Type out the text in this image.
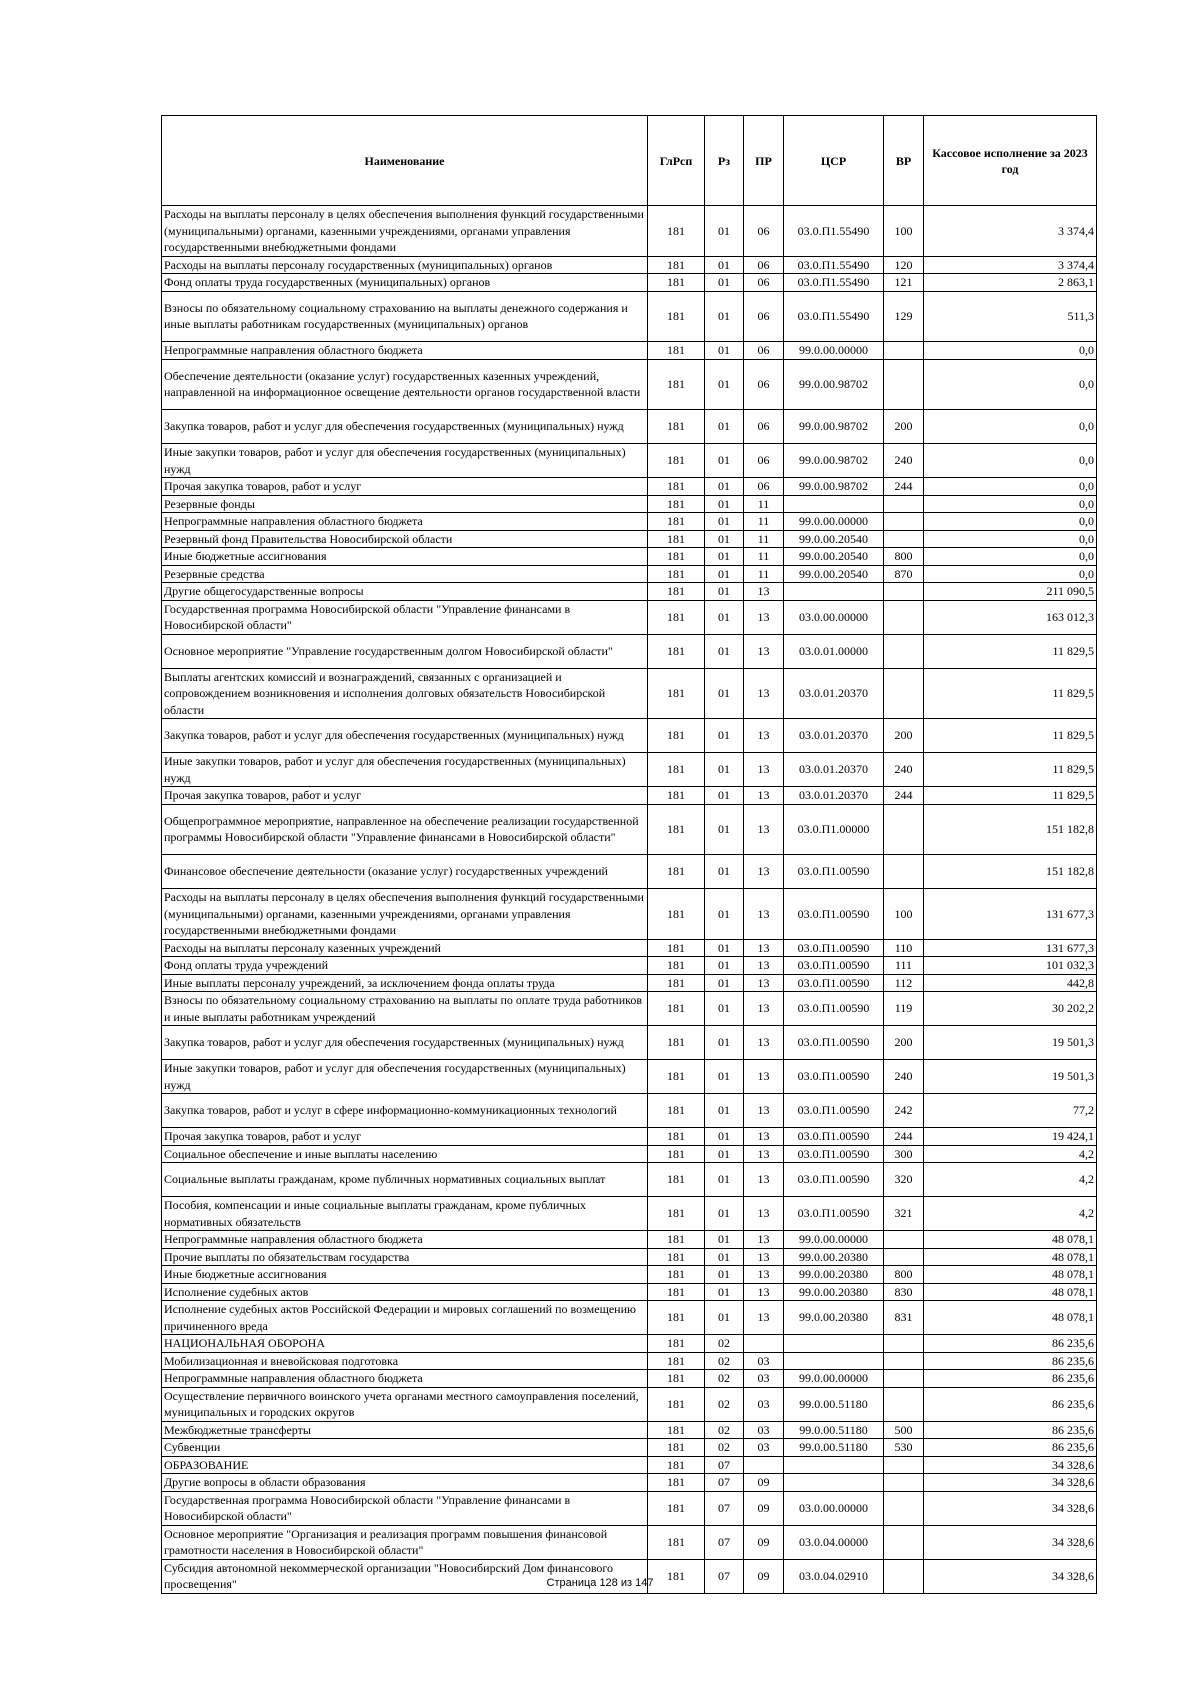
Наименование	ГлРсп	Рз	ПР	ЦСР	ВР	Кассовое исполнение за 2023 год
Расходы на выплаты персоналу в целях обеспечения выполнения функций государственными (муниципальными) органами, казенными учреждениями, органами управления государственными внебюджетными фондами	181	01	06	03.0.П1.55490	100	3 374,4
Расходы на выплаты персоналу государственных (муниципальных) органов	181	01	06	03.0.П1.55490	120	3 374,4
Фонд оплаты труда государственных (муниципальных) органов	181	01	06	03.0.П1.55490	121	2 863,1
Взносы по обязательному социальному страхованию на выплаты денежного содержания и иные выплаты работникам государственных (муниципальных) органов	181	01	06	03.0.П1.55490	129	511,3
Непрограммные направления областного бюджета	181	01	06	99.0.00.00000		0,0
Обеспечение деятельности (оказание услуг) государственных казенных учреждений, направленной на информационное освещение деятельности органов государственной власти	181	01	06	99.0.00.98702		0,0
Закупка товаров, работ и услуг для обеспечения государственных (муниципальных) нужд	181	01	06	99.0.00.98702	200	0,0
Иные закупки товаров, работ и услуг для обеспечения государственных (муниципальных) нужд	181	01	06	99.0.00.98702	240	0,0
Прочая закупка товаров, работ и услуг	181	01	06	99.0.00.98702	244	0,0
Резервные фонды	181	01	11			0,0
Непрограммные направления областного бюджета	181	01	11	99.0.00.00000		0,0
Резервный фонд Правительства Новосибирской области	181	01	11	99.0.00.20540		0,0
Иные бюджетные ассигнования	181	01	11	99.0.00.20540	800	0,0
Резервные средства	181	01	11	99.0.00.20540	870	0,0
Другие общегосударственные вопросы	181	01	13			211 090,5
Государственная программа Новосибирской области "Управление финансами в Новосибирской области"	181	01	13	03.0.00.00000		163 012,3
Основное мероприятие "Управление государственным долгом Новосибирской области"	181	01	13	03.0.01.00000		11 829,5
Выплаты агентских комиссий и вознаграждений, связанных с организацией и сопровождением возникновения и исполнения долговых обязательств Новосибирской области	181	01	13	03.0.01.20370		11 829,5
Закупка товаров, работ и услуг для обеспечения государственных (муниципальных) нужд	181	01	13	03.0.01.20370	200	11 829,5
Иные закупки товаров, работ и услуг для обеспечения государственных (муниципальных) нужд	181	01	13	03.0.01.20370	240	11 829,5
Прочая закупка товаров, работ и услуг	181	01	13	03.0.01.20370	244	11 829,5
Общепрограммное мероприятие, направленное на обеспечение реализации государственной программы Новосибирской области "Управление финансами в Новосибирской области"	181	01	13	03.0.П1.00000		151 182,8
Финансовое обеспечение деятельности (оказание услуг) государственных учреждений	181	01	13	03.0.П1.00590		151 182,8
Расходы на выплаты персоналу в целях обеспечения выполнения функций государственными (муниципальными) органами, казенными учреждениями, органами управления государственными внебюджетными фондами	181	01	13	03.0.П1.00590	100	131 677,3
Расходы на выплаты персоналу казенных учреждений	181	01	13	03.0.П1.00590	110	131 677,3
Фонд оплаты труда учреждений	181	01	13	03.0.П1.00590	111	101 032,3
Иные выплаты персоналу учреждений, за исключением фонда оплаты труда	181	01	13	03.0.П1.00590	112	442,8
Взносы по обязательному социальному страхованию на выплаты по оплате труда работников и иные выплаты работникам учреждений	181	01	13	03.0.П1.00590	119	30 202,2
Закупка товаров, работ и услуг для обеспечения государственных (муниципальных) нужд	181	01	13	03.0.П1.00590	200	19 501,3
Иные закупки товаров, работ и услуг для обеспечения государственных (муниципальных) нужд	181	01	13	03.0.П1.00590	240	19 501,3
Закупка товаров, работ и услуг в сфере информационно-коммуникационных технологий	181	01	13	03.0.П1.00590	242	77,2
Прочая закупка товаров, работ и услуг	181	01	13	03.0.П1.00590	244	19 424,1
Социальное обеспечение и иные выплаты населению	181	01	13	03.0.П1.00590	300	4,2
Социальные выплаты гражданам, кроме публичных нормативных социальных выплат	181	01	13	03.0.П1.00590	320	4,2
Пособия, компенсации и иные социальные выплаты гражданам, кроме публичных нормативных обязательств	181	01	13	03.0.П1.00590	321	4,2
Непрограммные направления областного бюджета	181	01	13	99.0.00.00000		48 078,1
Прочие выплаты по обязательствам государства	181	01	13	99.0.00.20380		48 078,1
Иные бюджетные ассигнования	181	01	13	99.0.00.20380	800	48 078,1
Исполнение судебных актов	181	01	13	99.0.00.20380	830	48 078,1
Исполнение судебных актов Российской Федерации и мировых соглашений по возмещению причиненного вреда	181	01	13	99.0.00.20380	831	48 078,1
НАЦИОНАЛЬНАЯ ОБОРОНА	181	02				86 235,6
Мобилизационная и вневойсковая подготовка	181	02	03			86 235,6
Непрограммные направления областного бюджета	181	02	03	99.0.00.00000		86 235,6
Осуществление первичного воинского учета органами местного самоуправления поселений, муниципальных и городских округов	181	02	03	99.0.00.51180		86 235,6
Межбюджетные трансферты	181	02	03	99.0.00.51180	500	86 235,6
Субвенции	181	02	03	99.0.00.51180	530	86 235,6
ОБРАЗОВАНИЕ	181	07				34 328,6
Другие вопросы в области образования	181	07	09			34 328,6
Государственная программа Новосибирской области "Управление финансами в Новосибирской области"	181	07	09	03.0.00.00000		34 328,6
Основное мероприятие "Организация и реализация программ повышения финансовой грамотности населения в Новосибирской области"	181	07	09	03.0.04.00000		34 328,6
Субсидия автономной некоммерческой организации "Новосибирский Дом финансового просвещения"	181	07	09	03.0.04.02910		34 328,6
Страница 128 из 147
